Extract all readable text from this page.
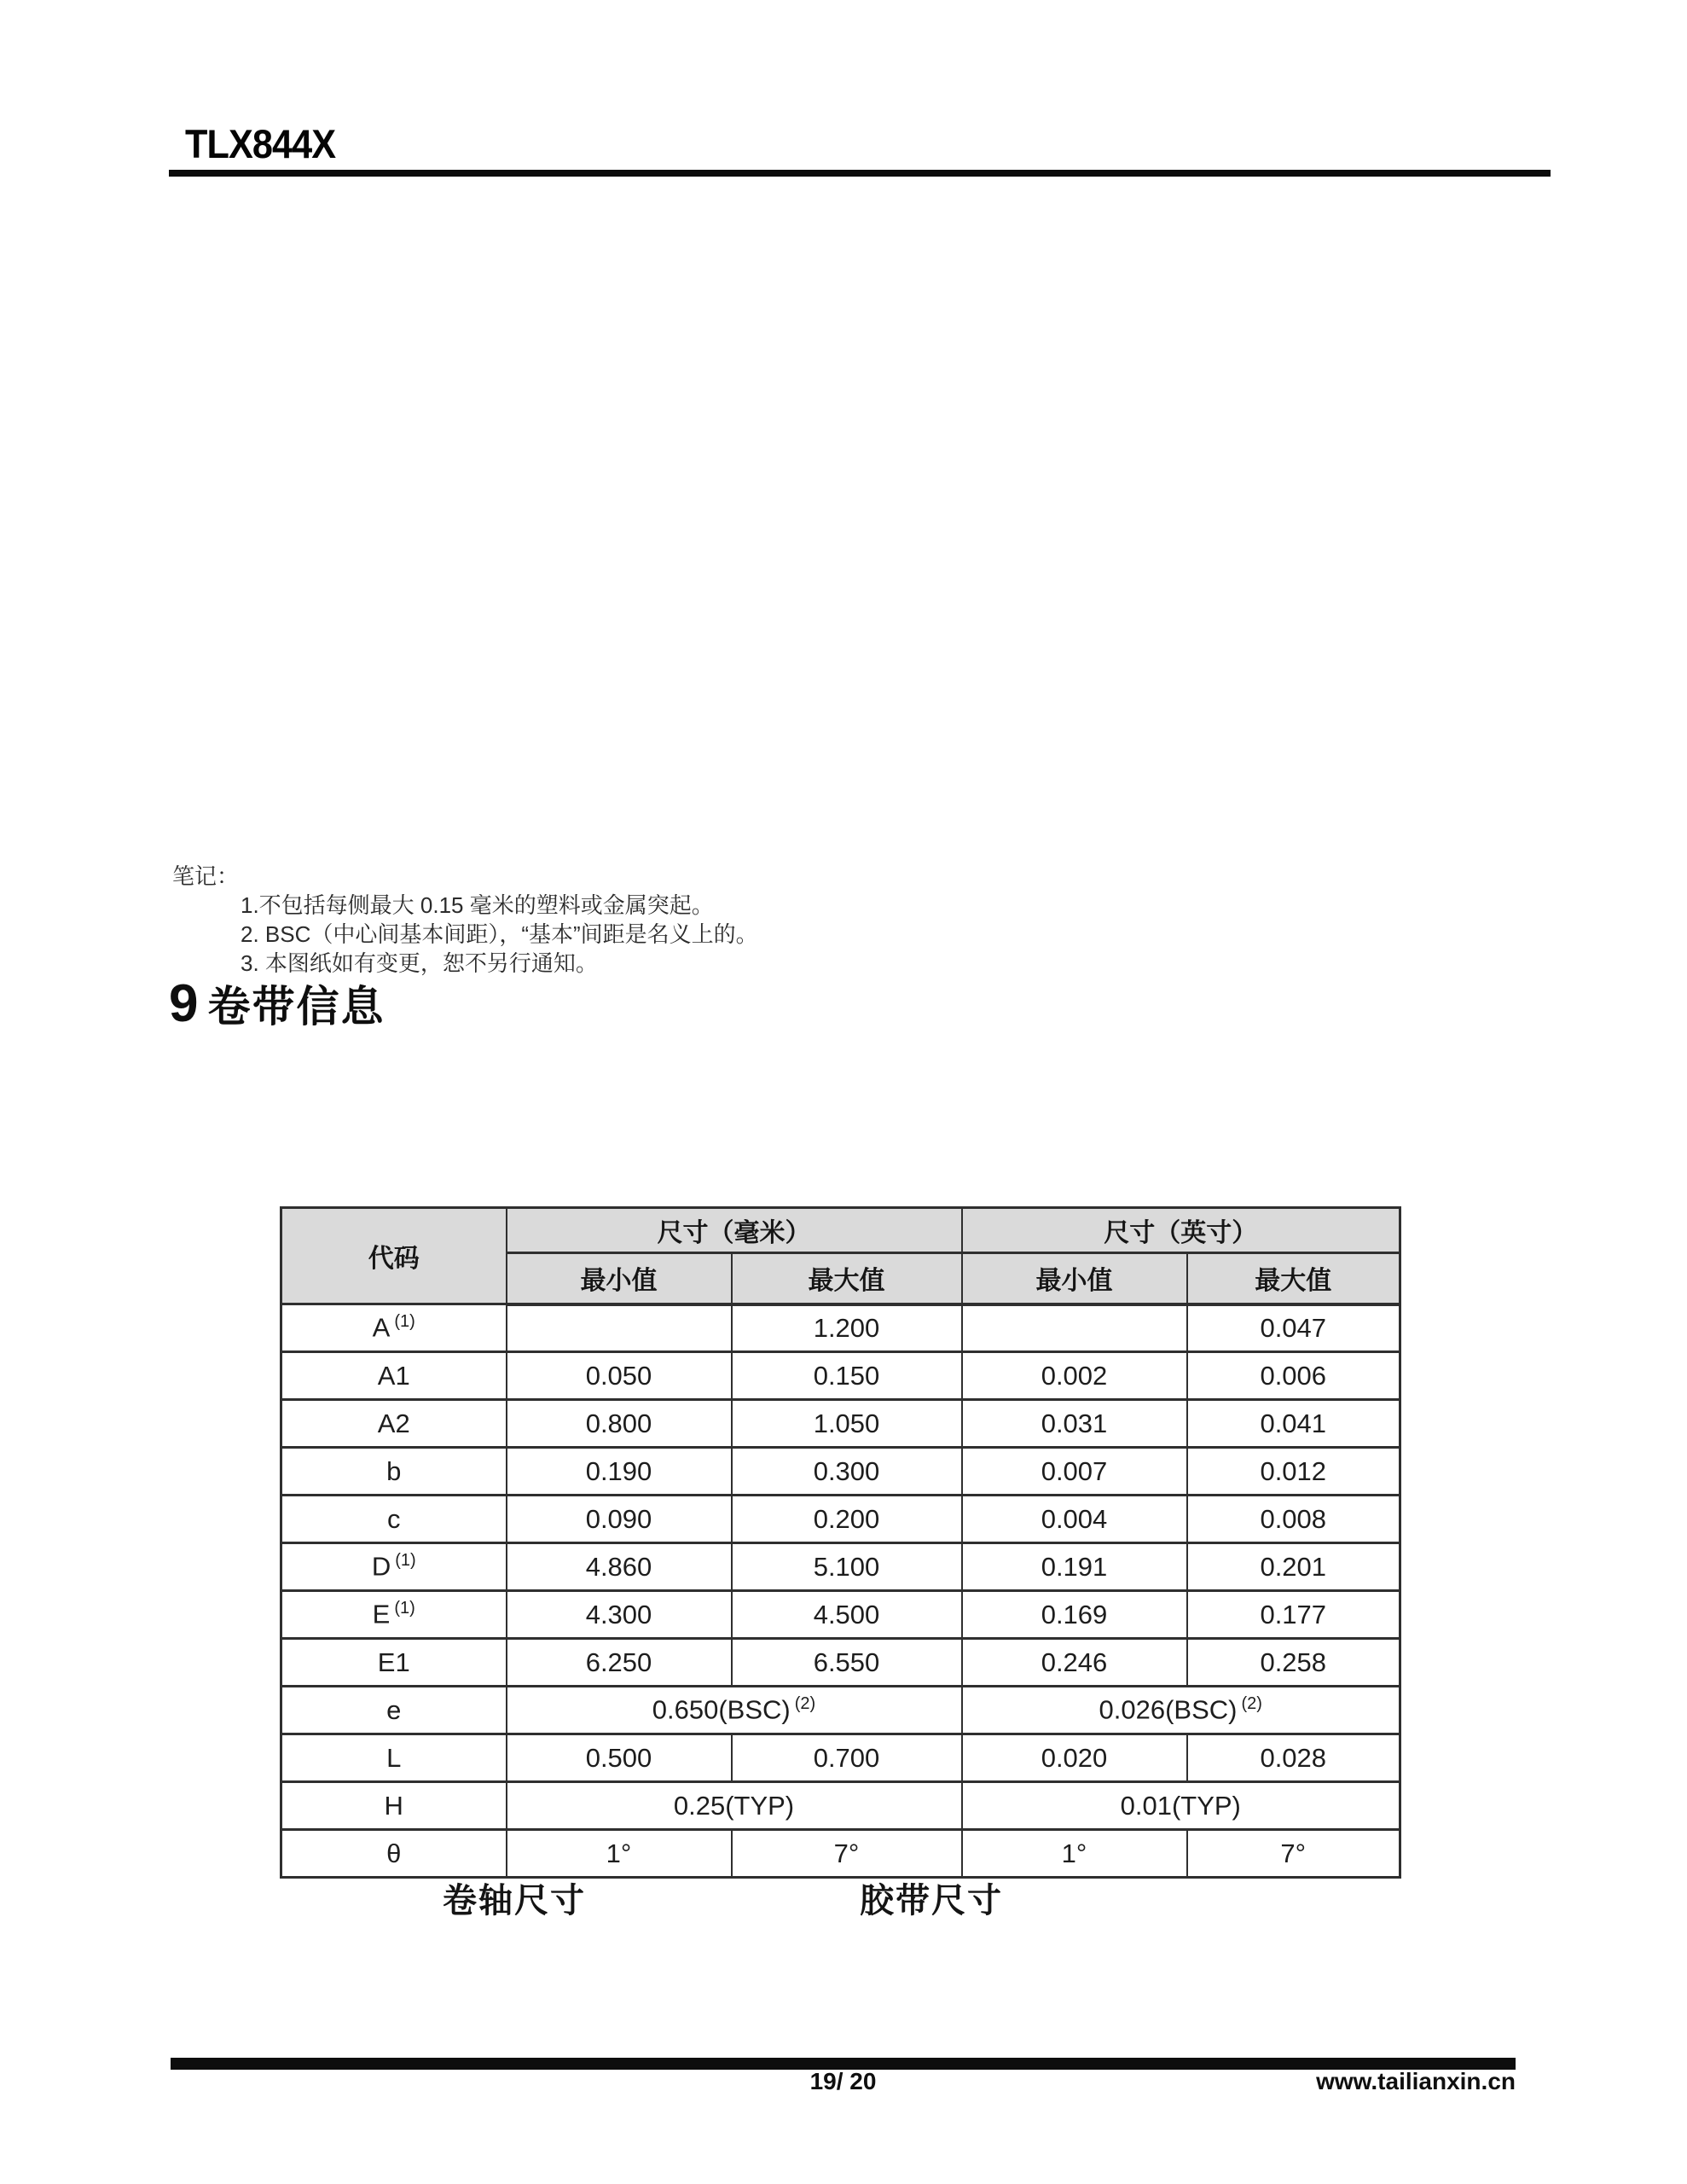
TLX844X
笔记：
1.不包括每侧最大 0.15 毫米的塑料或金属突起。
2. BSC（中心间基本间距），“基本”间距是名义上的。
3. 本图纸如有变更，恕不另行通知。
9 卷带信息
代码	尺寸（毫米）		尺寸（英寸）	
	最小值	最大值	最小值	最大值
A $^{(1)}$		1.200		0.047
A1	0.050	0.150	0.002	0.006
A2	0.800	1.050	0.031	0.041
b	0.190	0.300	0.007	0.012
c	0.090	0.200	0.004	0.008
D $^{(1)}$	4.860	5.100	0.191	0.201
E $^{(1)}$	4.300	4.500	0.169	0.177
E1	6.250	6.550	0.246	0.258
e	0.650(BSC) $^{(2)}$		0.026(BSC) $^{(2)}$
L	0.500	0.700	0.020	0.028
H	0.25(TYP)		0.01(TYP)	
θ	1°	7°	1°	7°
卷轴尺寸	胶带尺寸
19/ 20	www.tailianxin.cn
